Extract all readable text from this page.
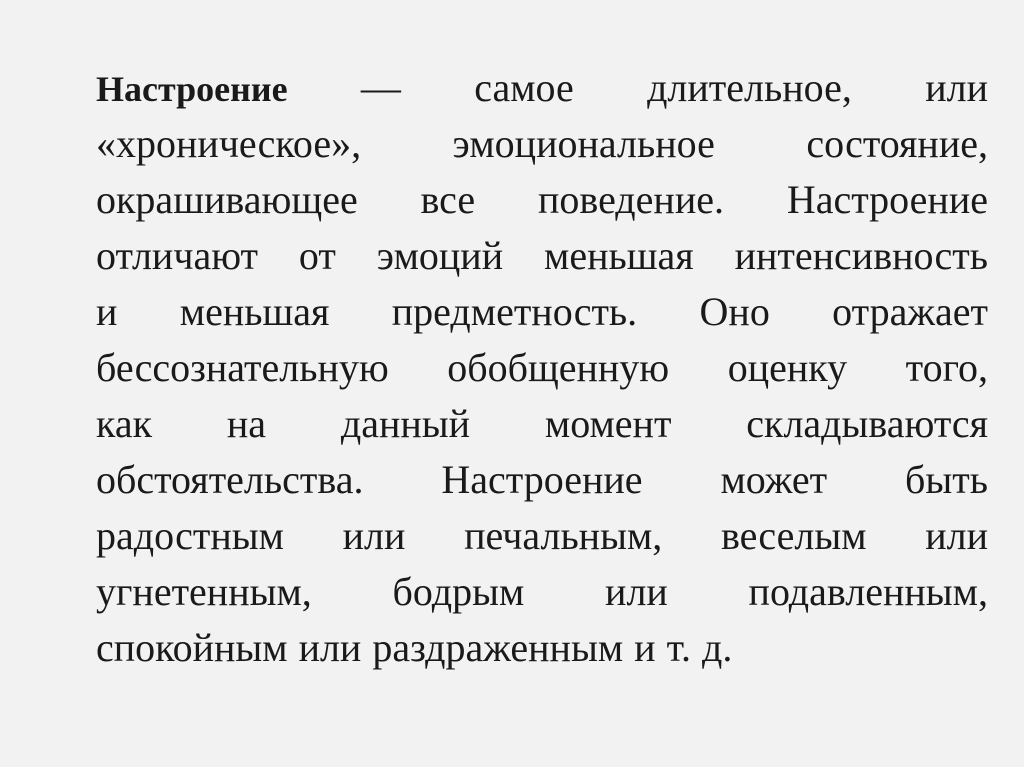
Настроение — самое длительное, или
«хроническое», эмоциональное состояние,
окрашивающее все поведение. Настроение
отличают от эмоций меньшая интенсивность
и меньшая предметность. Оно отражает
бессознательную обобщенную оценку того,
как на данный момент складываются
обстоятельства. Настроение может быть
радостным или печальным, веселым или
угнетенным, бодрым или подавленным,
спокойным или раздраженным и т. д.
